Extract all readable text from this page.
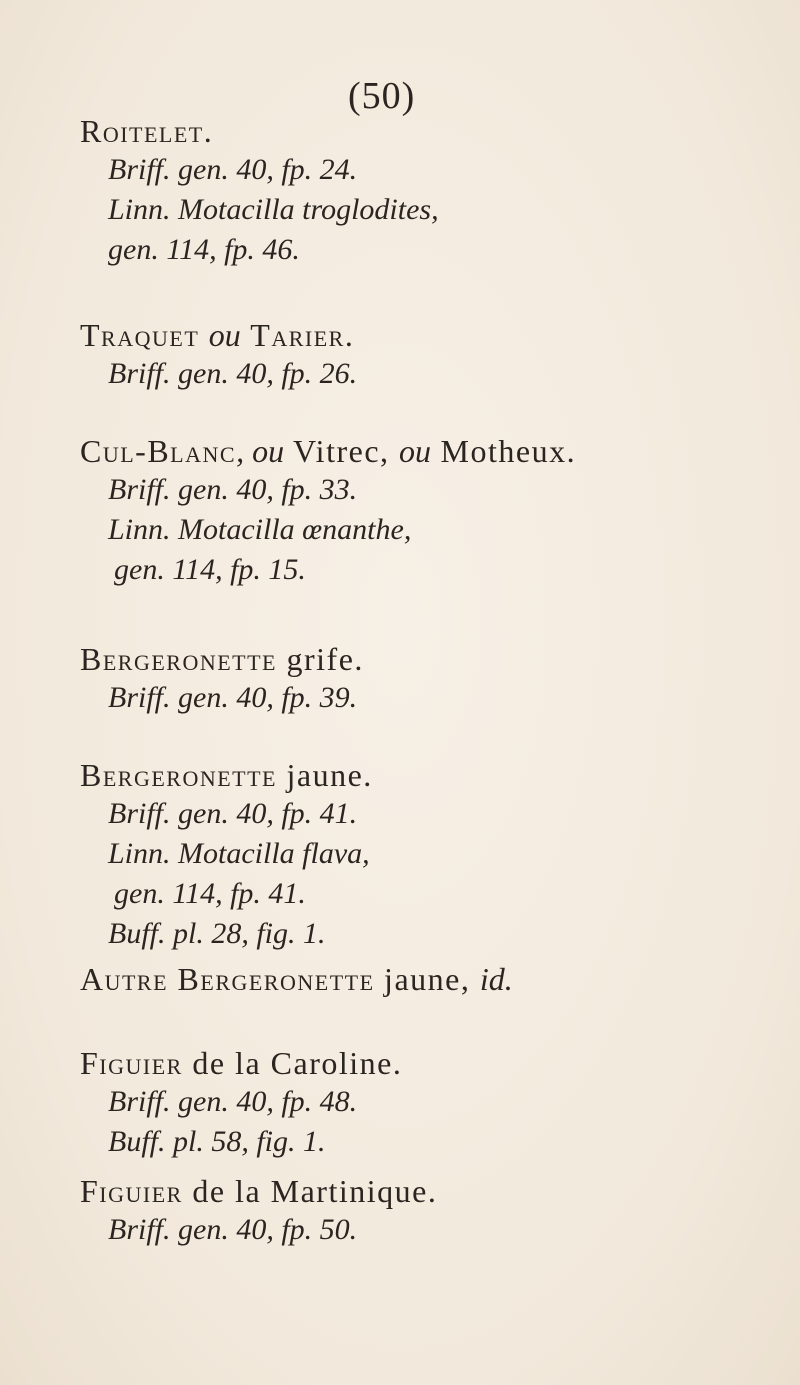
(50)
Roitelet.
Briff. gen. 40, fp. 24.
Linn. Motacilla troglodites,
gen. 114, fp. 46.
Traquet ou Tarier.
Briff. gen. 40, fp. 26.
Cul-Blanc, ou Vitrec, ou Motheux.
Briff. gen. 40, fp. 33.
Linn. Motacilla œnanthe,
gen. 114, fp. 15.
Bergeronette grife.
Briff. gen. 40, fp. 39.
Bergeronette jaune.
Briff. gen. 40, fp. 41.
Linn. Motacilla flava,
gen. 114, fp. 41.
Buff. pl. 28, fig. 1.
Autre Bergeronette jaune, id.
Figuier de la Caroline.
Briff. gen. 40, fp. 48.
Buff. pl. 58, fig. 1.
Figuier de la Martinique.
Briff. gen. 40, fp. 50.
